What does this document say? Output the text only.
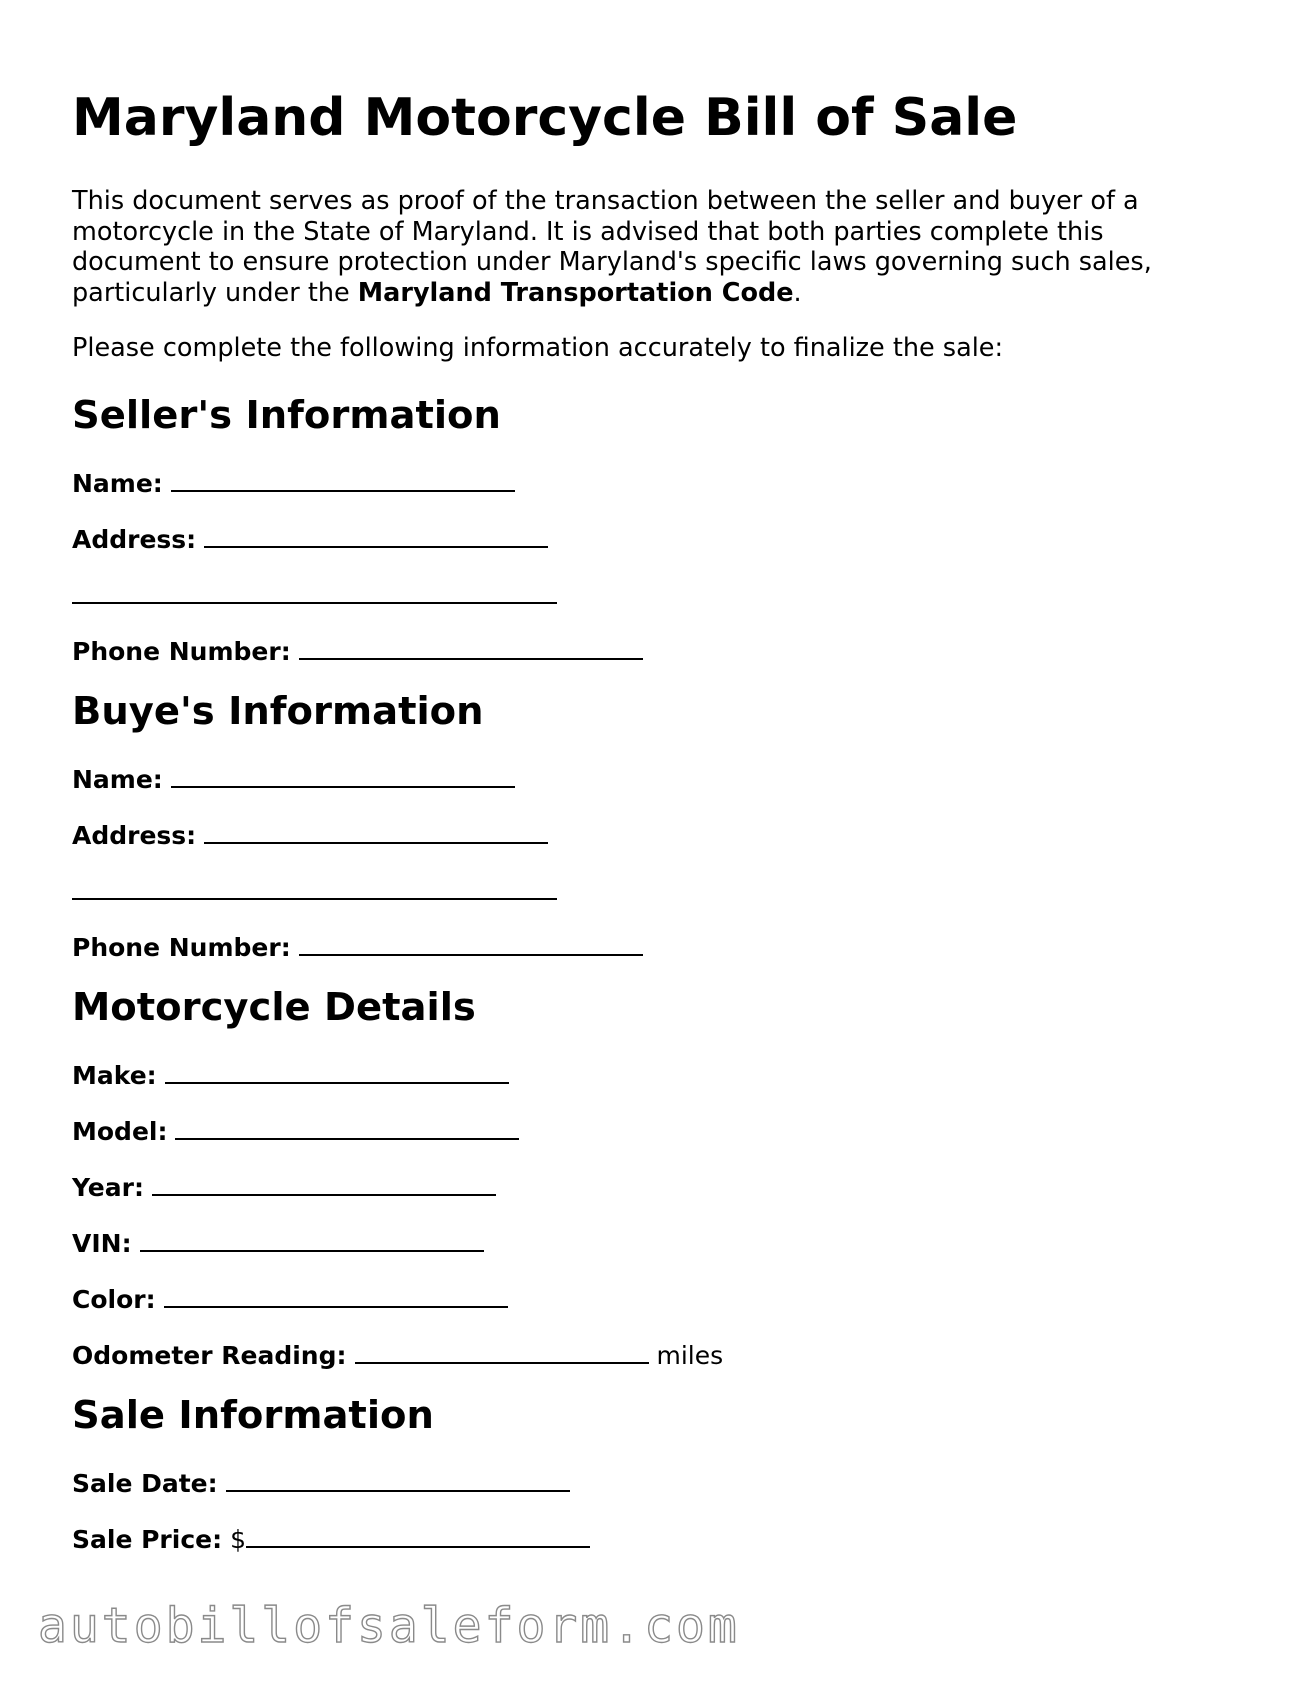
Maryland Motorcycle Bill of Sale

This document serves as proof of the transaction between the seller and buyer of a motorcycle in the State of Maryland. It is advised that both parties complete this document to ensure protection under Maryland's specific laws governing such sales, particularly under the Maryland Transportation Code.

Please complete the following information accurately to finalize the sale:

Seller's Information
Name:
Address:
Phone Number:
Buye's Information
Name:
Address:
Phone Number:
Motorcycle Details
Make:
Model:
Year:
VIN:
Color:
Odometer Reading:	miles
Sale Information
Sale Date:
Sale Price: $
autobillofsaleform.com
